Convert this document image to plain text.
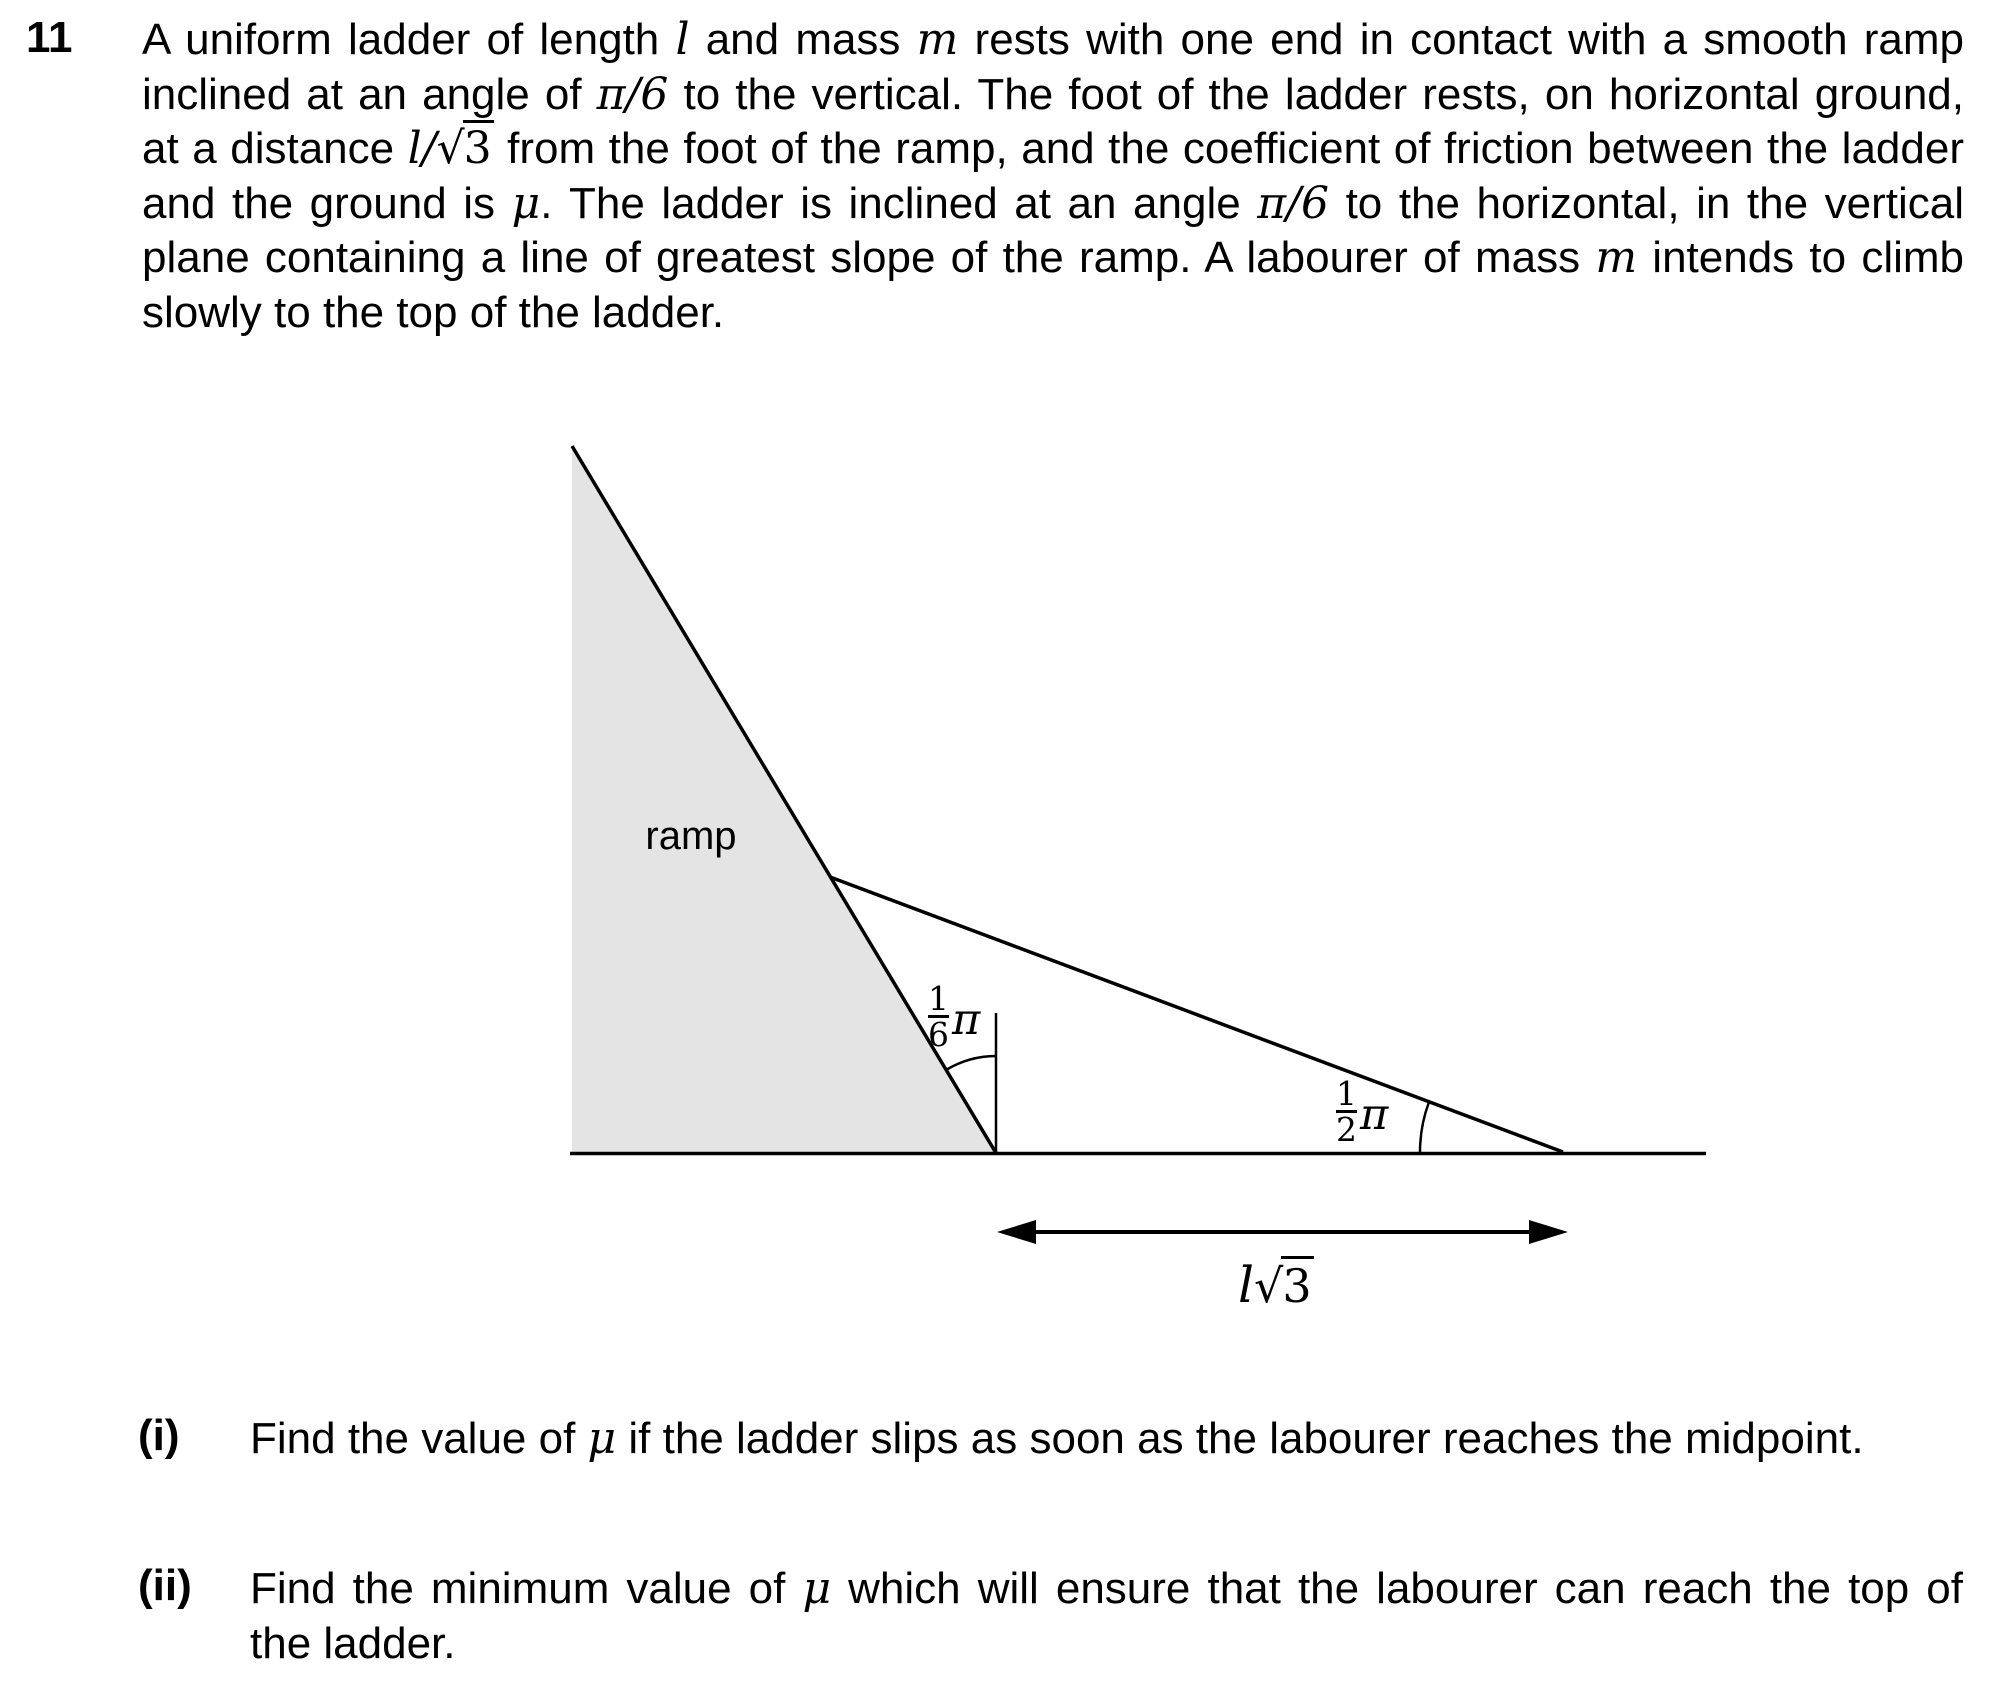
11 A uniform ladder of length l and mass m rests with one end in contact with a smooth ramp
inclined at an angle of π/6 to the vertical. The foot of the ladder rests, on horizontal ground,
at a distance l/√3 from the foot of the ramp, and the coefficient of friction between the ladder
and the ground is μ. The ladder is inclined at an angle π/6 to the horizontal, in the vertical
plane containing a line of greatest slope of the ramp. A labourer of mass m intends to climb
slowly to the top of the ladder.
ramp
$\frac{1}{6}$ π
$\frac{1}{2}$ π
l √ 3
(i) Find the value of μ if the ladder slips as soon as the labourer reaches the midpoint.
(ii) Find the minimum value of μ which will ensure that the labourer can reach the top of
the ladder.
